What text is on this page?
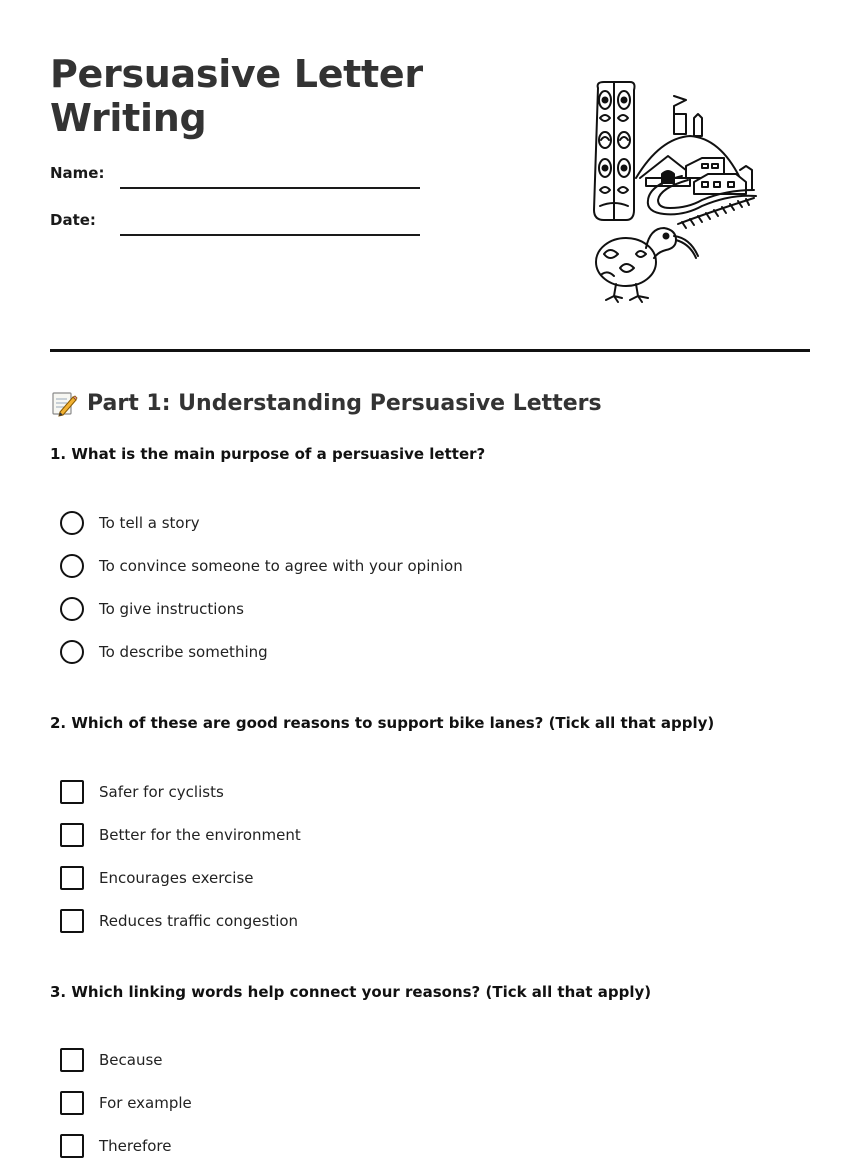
Persuasive Letter
Writing
Name:
Date:
Part 1: Understanding Persuasive Letters
1. What is the main purpose of a persuasive letter?
To tell a story
To convince someone to agree with your opinion
To give instructions
To describe something
2. Which of these are good reasons to support bike lanes? (Tick all that apply)
Safer for cyclists
Better for the environment
Encourages exercise
Reduces traffic congestion
3. Which linking words help connect your reasons? (Tick all that apply)
Because
For example
Therefore
